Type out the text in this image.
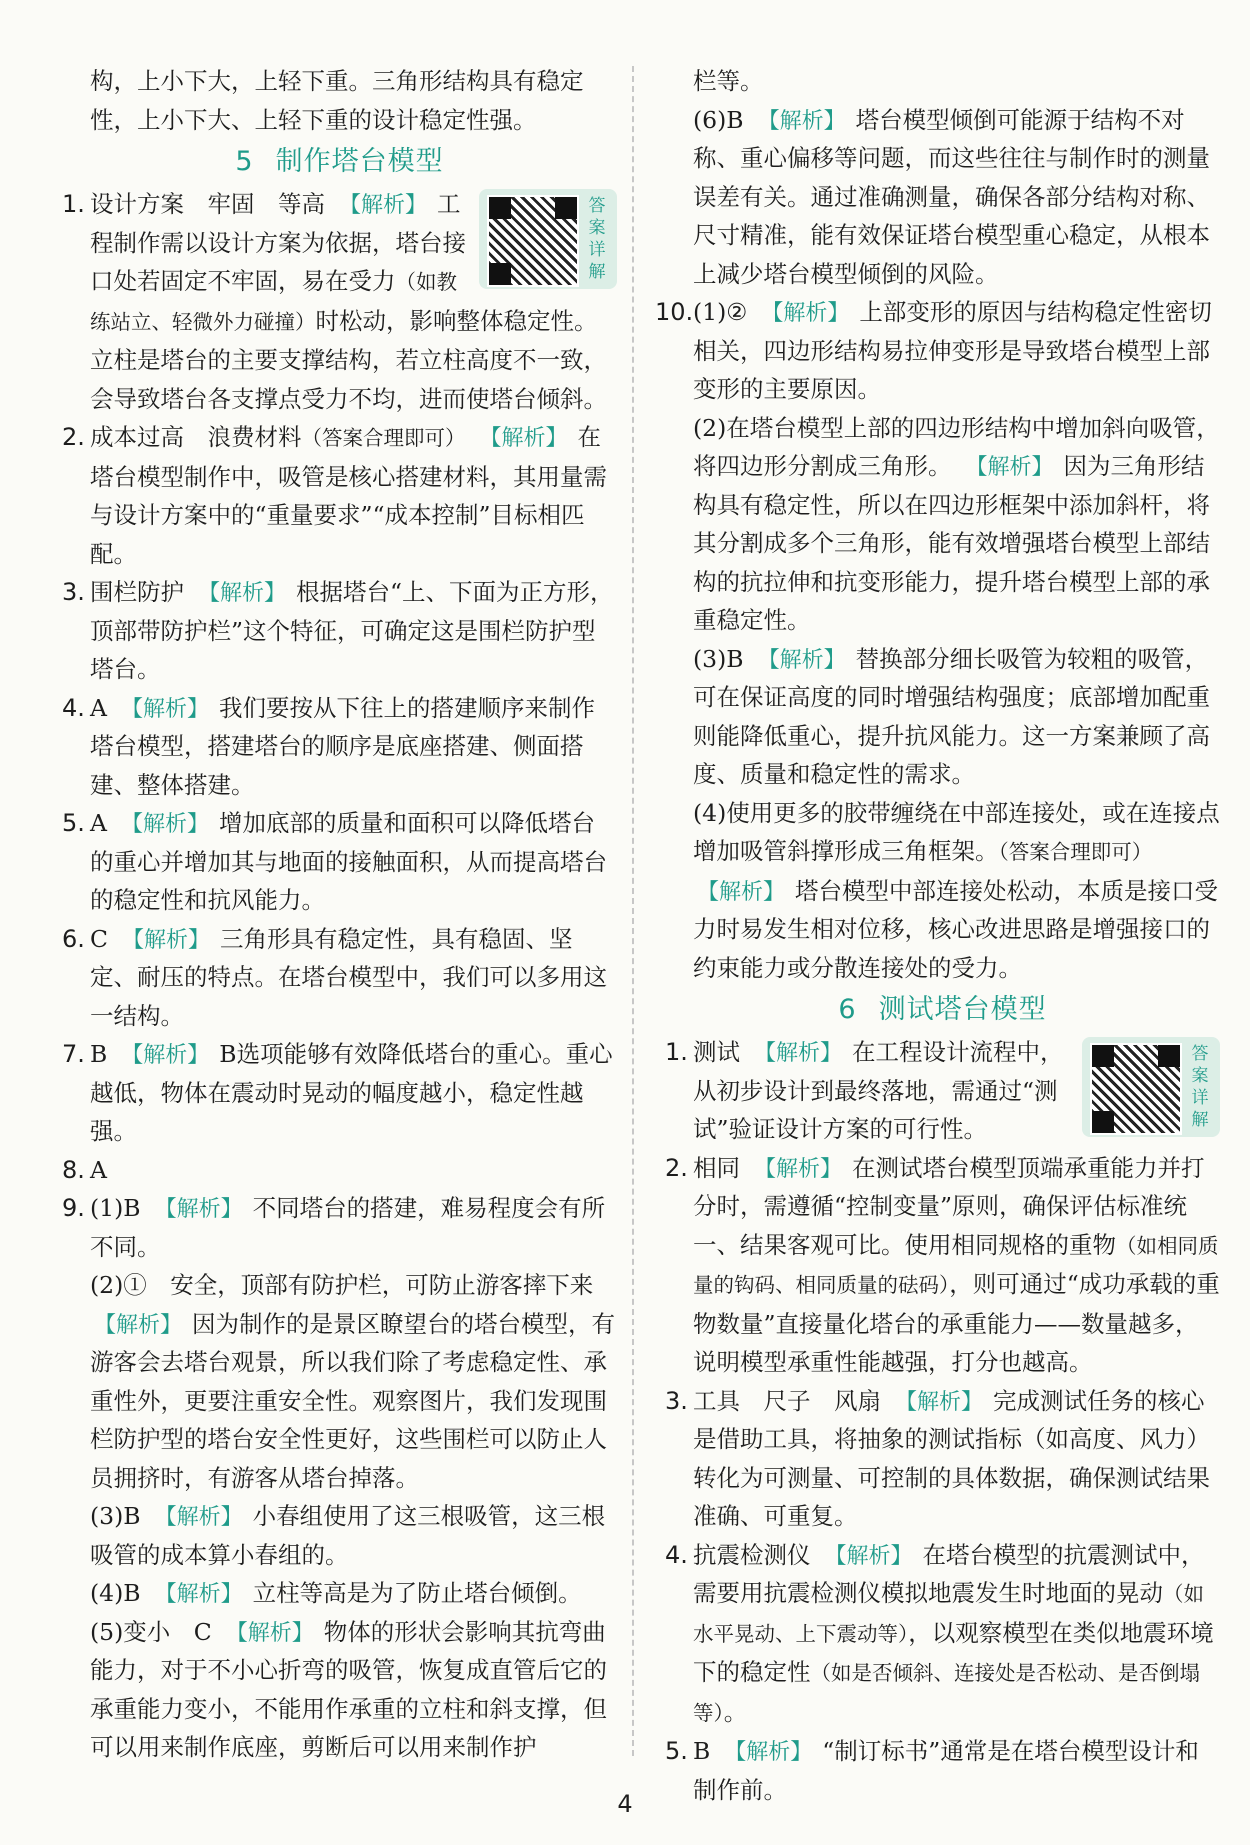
构，上小下大，上轻下重。三角形结构具有稳定
性，上小下大、上轻下重的设计稳定性强。

5 制作塔台模型
1.	答案详解
设计方案　牢固　等高 【解析】 工程制作需以设计方案为依据，塔台接口处若固定不牢固，易在受力（如教练站立、轻微外力碰撞）时松动，影响整体稳定性。立柱是塔台的主要支撑结构，若立柱高度不一致，会导致塔台各支撑点受力不均，进而使塔台倾斜。
2. 成本过高　浪费材料（答案合理即可） 【解析】 在塔台模型制作中，吸管是核心搭建材料，其用量需与设计方案中的“重量要求”“成本控制”目标相匹配。
3. 围栏防护 【解析】 根据塔台“上、下面为正方形，顶部带防护栏”这个特征，可确定这是围栏防护型塔台。
4. A 【解析】 我们要按从下往上的搭建顺序来制作塔台模型，搭建塔台的顺序是底座搭建、侧面搭建、整体搭建。
5. A 【解析】 增加底部的质量和面积可以降低塔台的重心并增加其与地面的接触面积，从而提高塔台的稳定性和抗风能力。
6. C 【解析】 三角形具有稳定性，具有稳固、坚定、耐压的特点。在塔台模型中，我们可以多用这一结构。
7. B 【解析】 B选项能够有效降低塔台的重心。重心越低，物体在震动时晃动的幅度越小，稳定性越强。
8. A
9. (1)B 【解析】 不同塔台的搭建，难易程度会有所不同。
(2)①　 安全，顶部有防护栏，可防止游客摔下来
【解析】 因为制作的是景区瞭望台的塔台模型，有游客会去塔台观景，所以我们除了考虑稳定性、承重性外，更要注重安全性。观察图片，我们发现围栏防护型的塔台安全性更好，这些围栏可以防止人员拥挤时，有游客从塔台掉落。
(3)B 【解析】 小春组使用了这三根吸管，这三根吸管的成本算小春组的。
(4)B 【解析】 立柱等高是为了防止塔台倾倒。
(5)变小　C 【解析】 物体的形状会影响其抗弯曲能力，对于不小心折弯的吸管，恢复成直管后它的承重能力变小，不能用作承重的立柱和斜支撑，但可以用来制作底座，剪断后可以用来制作护

栏等。

(6)B 【解析】 塔台模型倾倒可能源于结构不对称、重心偏移等问题，而这些往往与制作时的测量误差有关。通过准确测量，确保各部分结构对称、尺寸精准，能有效保证塔台模型重心稳定，从根本上减少塔台模型倾倒的风险。
10. (1)② 【解析】 上部变形的原因与结构稳定性密切相关，四边形结构易拉伸变形是导致塔台模型上部变形的主要原因。
(2)在塔台模型上部的四边形结构中增加斜向吸管，将四边形分割成三角形。 【解析】 因为三角形结构具有稳定性，所以在四边形框架中添加斜杆，将其分割成多个三角形，能有效增强塔台模型上部结构的抗拉伸和抗变形能力，提升塔台模型上部的承重稳定性。
(3)B 【解析】 替换部分细长吸管为较粗的吸管，可在保证高度的同时增强结构强度；底部增加配重则能降低重心，提升抗风能力。这一方案兼顾了高度、质量和稳定性的需求。
(4)使用更多的胶带缠绕在中部连接处，或在连接点增加吸管斜撑形成三角框架。（答案合理即可）
【解析】 塔台模型中部连接处松动，本质是接口受力时易发生相对位移，核心改进思路是增强接口的约束能力或分散连接处的受力。
6 测试塔台模型
1.	答案详解
测试 【解析】 在工程设计流程中，从初步设计到最终落地，需通过“测试”验证设计方案的可行性。
2. 相同 【解析】 在测试塔台模型顶端承重能力并打分时，需遵循“控制变量”原则，确保评估标准统一、结果客观可比。使用相同规格的重物（如相同质量的钩码、相同质量的砝码），则可通过“成功承载的重物数量”直接量化塔台的承重能力——数量越多，说明模型承重性能越强，打分也越高。
3. 工具　尺子　风扇 【解析】 完成测试任务的核心是借助工具，将抽象的测试指标（如高度、风力）转化为可测量、可控制的具体数据，确保测试结果准确、可重复。
4. 抗震检测仪 【解析】 在塔台模型的抗震测试中，需要用抗震检测仪模拟地震发生时地面的晃动（如水平晃动、上下震动等），以观察模型在类似地震环境下的稳定性（如是否倾斜、连接处是否松动、是否倒塌等）。
5. B 【解析】 “制订标书”通常是在塔台模型设计和制作前。
4
